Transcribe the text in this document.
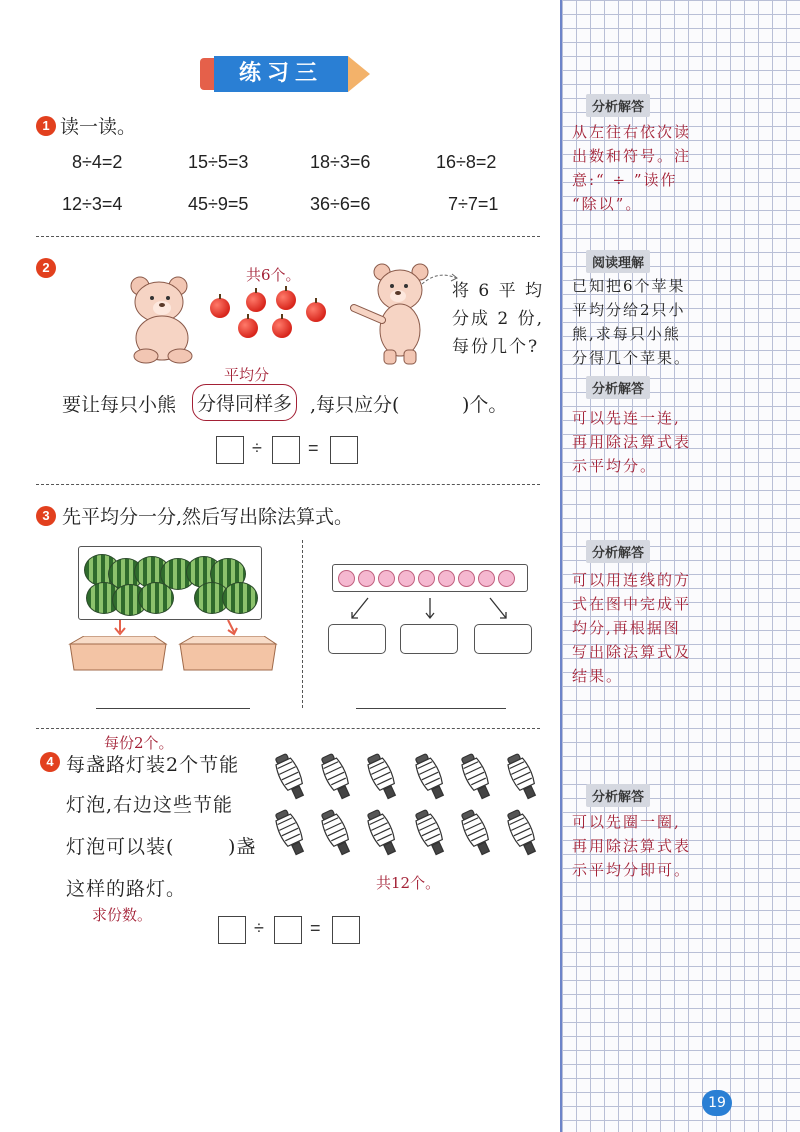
练习三
1 读一读。
8÷4=2	15÷5=3	18÷3=6	16÷8=2
12÷3=4	45÷9=5	36÷6=6	7÷7=1
2	共6个。
将 6 平 均
分成 2 份,
每份几个?
平均分
要让每只小熊 分得同样多 ,每只应分(	)个。
÷	=
3 先平均分一分,然后写出除法算式。
每份2个。
4 每盏路灯装2个节能
灯泡,右边这些节能
灯泡可以装(	)盏
这样的路灯。
求份数。
共12个。
÷	=
分析解答
从左往右依次读
出数和符号。注
意:“ ÷ ”读作
“除以”。
阅读理解
已知把6个苹果
平均分给2只小
熊,求每只小熊
分得几个苹果。
分析解答
可以先连一连,
再用除法算式表
示平均分。
分析解答
可以用连线的方
式在图中完成平
均分,再根据图
写出除法算式及
结果。
分析解答
可以先圈一圈,
再用除法算式表
示平均分即可。
19
